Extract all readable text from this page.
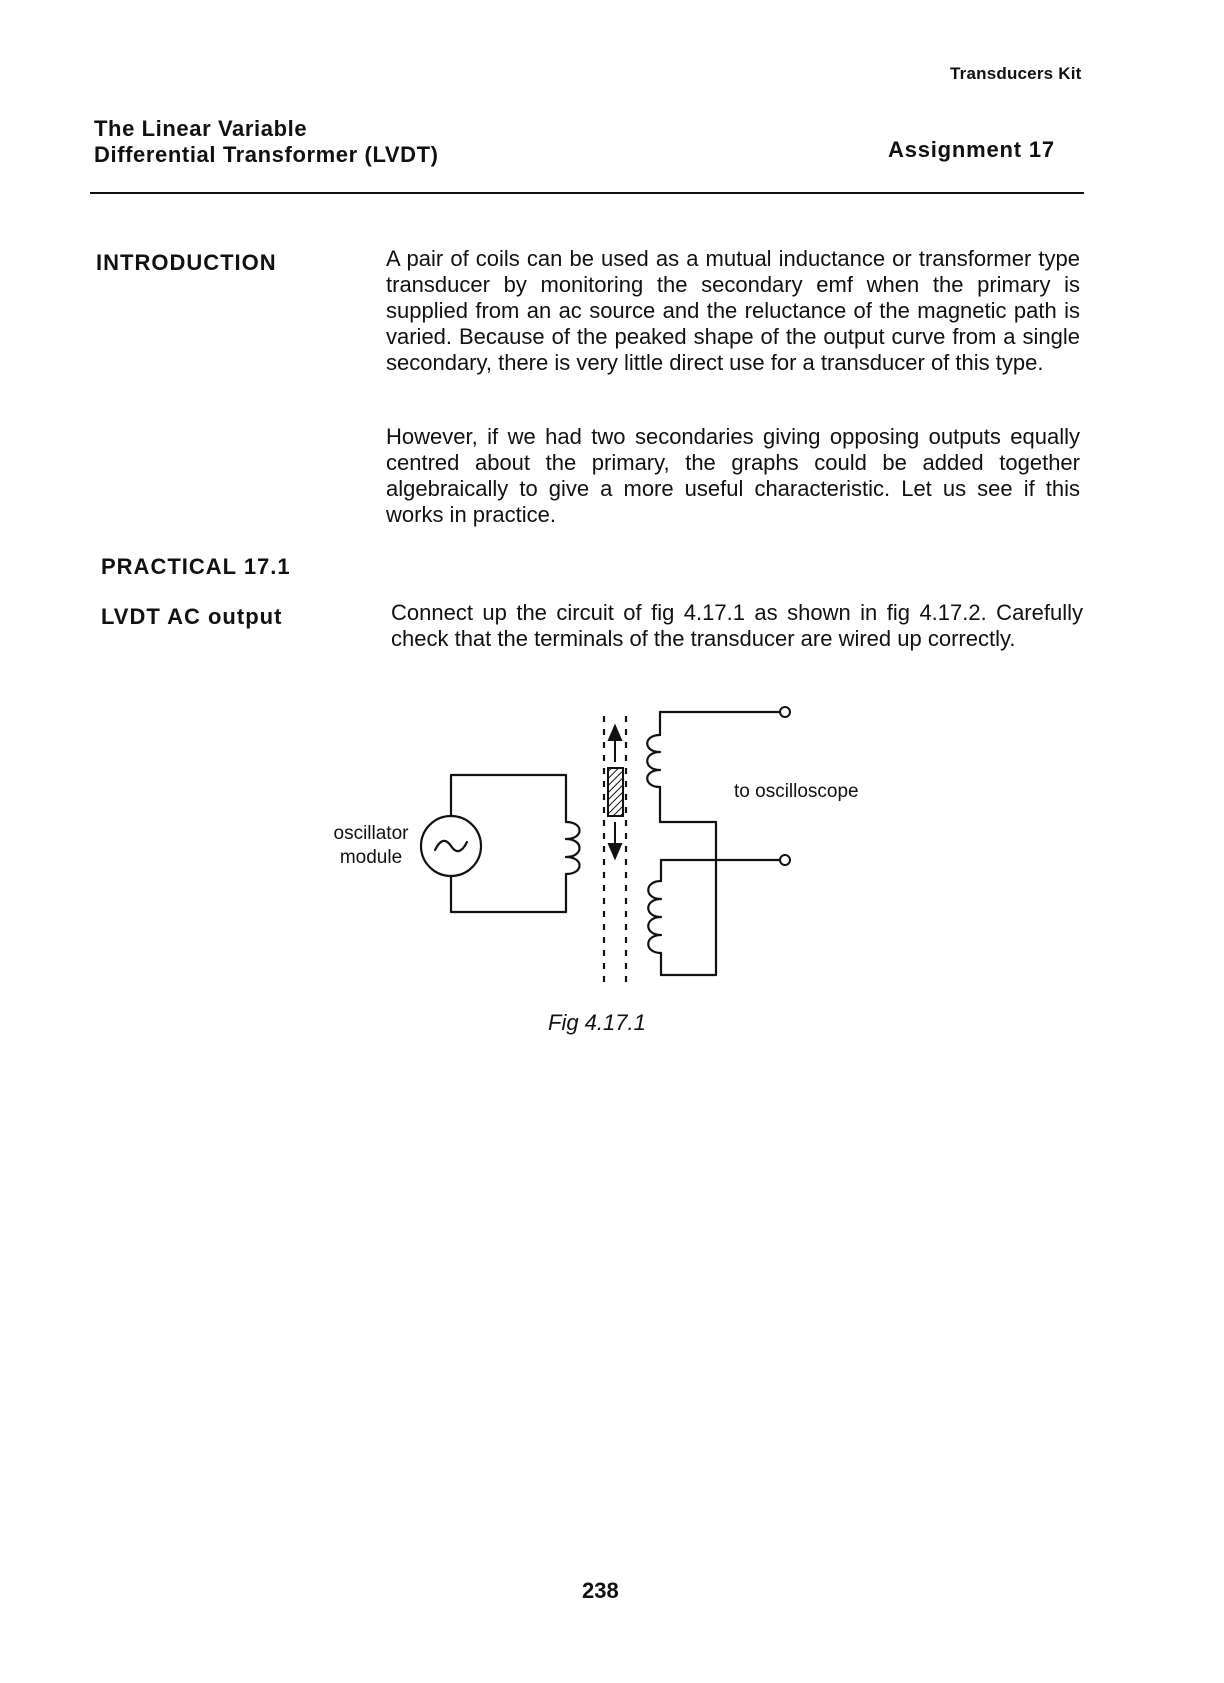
Transducers Kit
The Linear Variable
Differential Transformer (LVDT)	Assignment 17
INTRODUCTION	A pair of coils can be used as a mutual inductance or transformer type transducer by monitoring the secondary emf when the primary is supplied from an ac source and the reluctance of the magnetic path is varied. Because of the peaked shape of the output curve from a single secondary, there is very little direct use for a transducer of this type.
However, if we had two secondaries giving opposing outputs equally centred about the primary, the graphs could be added together algebraically to give a more useful characteristic. Let us see if this works in practice.
PRACTICAL 17.1
LVDT AC output	Connect up the circuit of fig 4.17.1 as shown in fig 4.17.2. Carefully check that the terminals of the transducer are wired up correctly.
oscillator
module
to oscilloscope
Fig 4.17.1
238
